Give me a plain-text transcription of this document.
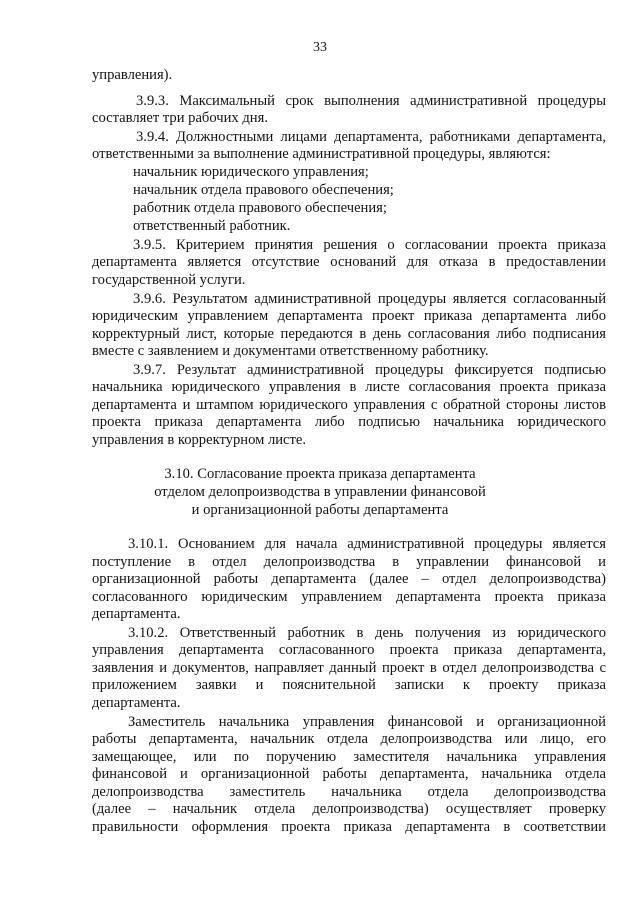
33
управления).
3.9.3. Максимальный срок выполнения административной процедуры
составляет три рабочих дня.
3.9.4. Должностными лицами департамента, работниками департамента,
ответственными за выполнение административной процедуры, являются:
начальник юридического управления;
начальник отдела правового обеспечения;
работник отдела правового обеспечения;
ответственный работник.
3.9.5. Критерием принятия решения о согласовании проекта приказа
департамента является отсутствие оснований для отказа в предоставлении
государственной услуги.
3.9.6. Результатом административной процедуры является согласованный
юридическим управлением департамента проект приказа департамента либо
корректурный лист, которые передаются в день согласования либо подписания
вместе с заявлением и документами ответственному работнику.
3.9.7. Результат административной процедуры фиксируется подписью
начальника юридического управления в листе согласования проекта приказа
департамента и штампом юридического управления с обратной стороны листов
проекта приказа департамента либо подписью начальника юридического
управления в корректурном листе.
3.10. Согласование проекта приказа департамента
отделом делопроизводства в управлении финансовой
и организационной работы департамента
3.10.1. Основанием для начала административной процедуры является
поступление в отдел делопроизводства в управлении финансовой и
организационной работы департамента (далее – отдел делопроизводства)
согласованного юридическим управлением департамента проекта приказа
департамента.
3.10.2. Ответственный работник в день получения из юридического
управления департамента согласованного проекта приказа департамента,
заявления и документов, направляет данный проект в отдел делопроизводства с
приложением заявки и пояснительной записки к проекту приказа
департамента.
Заместитель начальника управления финансовой и организационной
работы департамента, начальник отдела делопроизводства или лицо, его
замещающее, или по поручению заместителя начальника управления
финансовой и организационной работы департамента, начальника отдела
делопроизводства заместитель начальника отдела делопроизводства
(далее – начальник отдела делопроизводства) осуществляет проверку
правильности оформления проекта приказа департамента в соответствии
